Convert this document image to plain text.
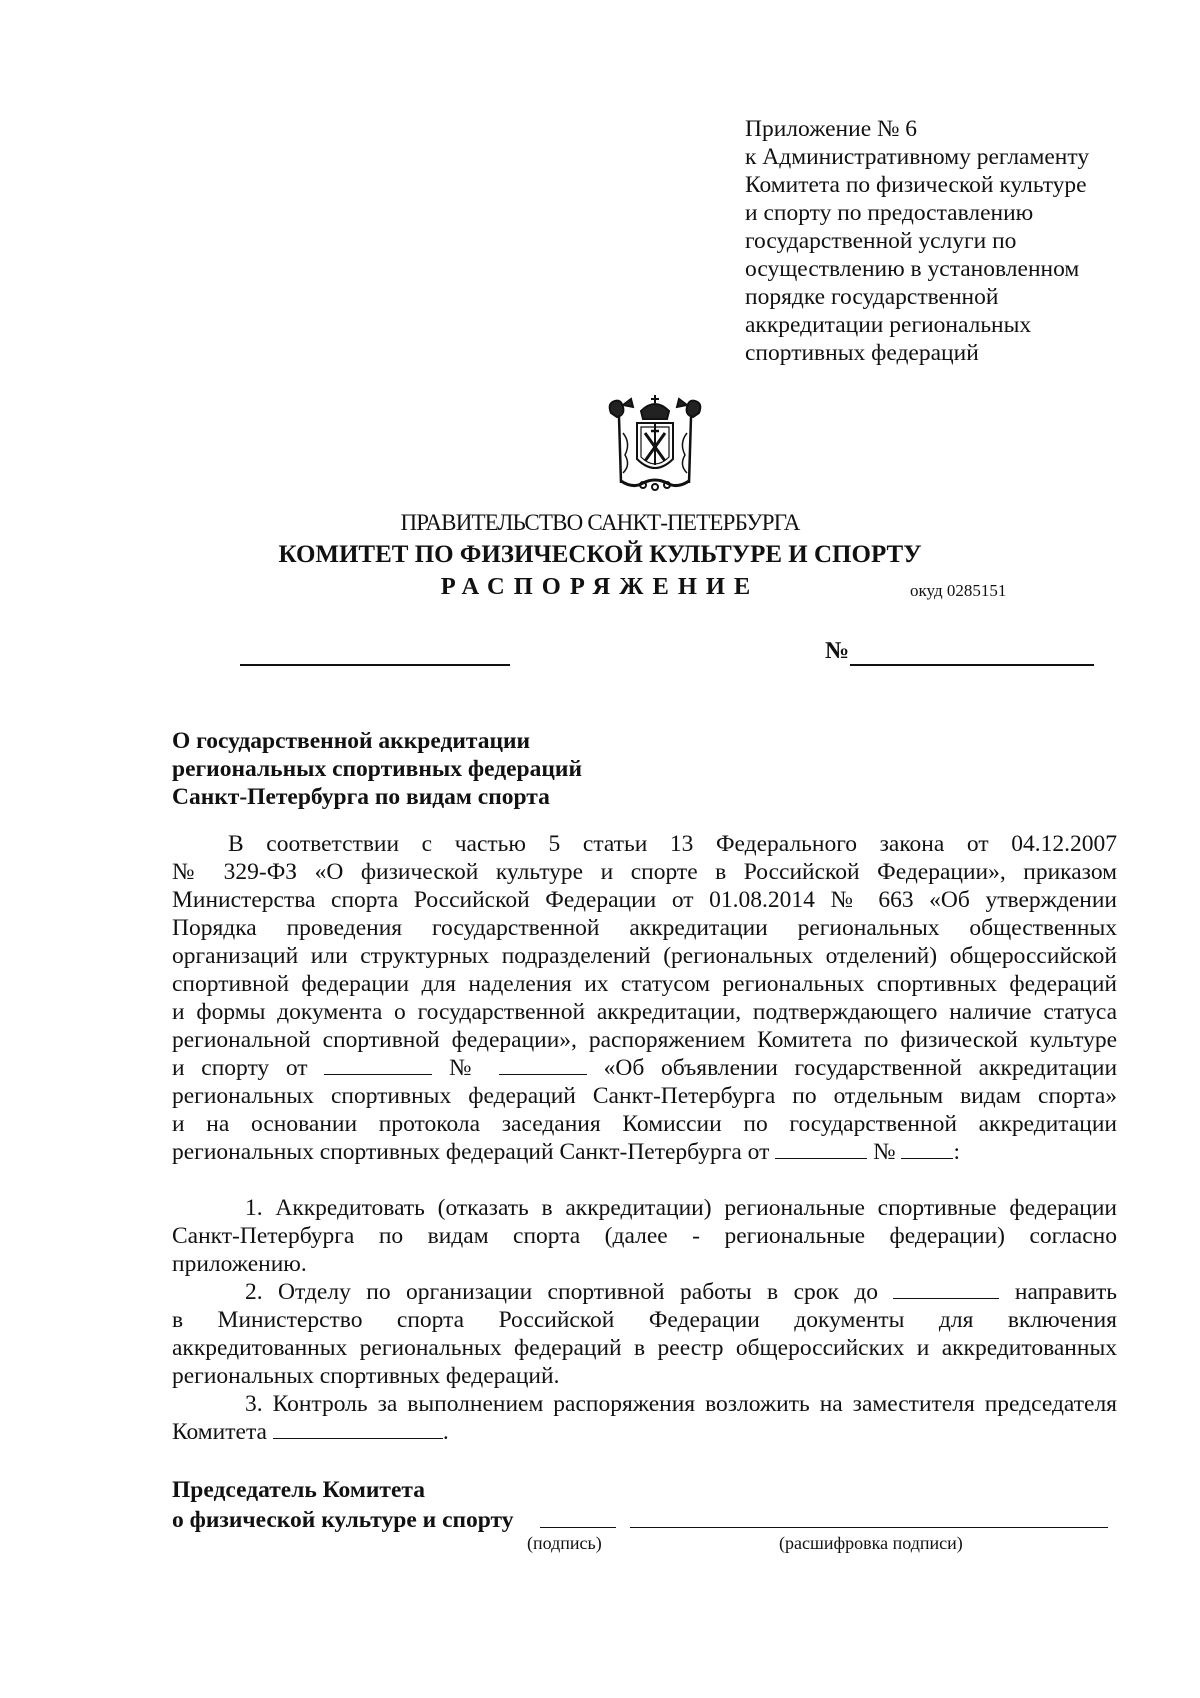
Приложение № 6
к Административному регламенту
Комитета по физической культуре
и спорту по предоставлению
государственной услуги по
осуществлению в установленном
порядке государственной
аккредитации региональных
спортивных федераций
ПРАВИТЕЛЬСТВО САНКТ-ПЕТЕРБУРГА
КОМИТЕТ ПО ФИЗИЧЕСКОЙ КУЛЬТУРЕ И СПОРТУ
РАСПОРЯЖЕНИЕ	окуд 0285151
№
О государственной аккредитации
региональных спортивных федераций
Санкт-Петербурга по видам спорта
В соответствии с частью 5 статьи 13 Федерального закона от 04.12.2007
№ 329-ФЗ «О физической культуре и спорте в Российской Федерации», приказом
Министерства спорта Российской Федерации от 01.08.2014 № 663 «Об утверждении
Порядка проведения государственной аккредитации региональных общественных
организаций или структурных подразделений (региональных отделений) общероссийской
спортивной федерации для наделения их статусом региональных спортивных федераций
и формы документа о государственной аккредитации, подтверждающего наличие статуса
региональной спортивной федерации», распоряжением Комитета по физической культуре
и спорту от	№	«Об объявлении государственной аккредитации
региональных спортивных федераций Санкт-Петербурга по отдельным видам спорта»
и на основании протокола заседания Комиссии по государственной аккредитации
региональных спортивных федераций Санкт-Петербурга от	№ :
1. Аккредитовать (отказать в аккредитации) региональные спортивные федерации
Санкт-Петербурга по видам спорта (далее - региональные федерации) согласно
приложению.
2. Отделу по организации спортивной работы в срок до	направить
в Министерство спорта Российской Федерации документы для включения
аккредитованных региональных федераций в реестр общероссийских и аккредитованных
региональных спортивных федераций.
3. Контроль за выполнением распоряжения возложить на заместителя председателя
Комитета	.
Председатель Комитета
о физической культуре и спорту
(подпись)	(расшифровка подписи)
